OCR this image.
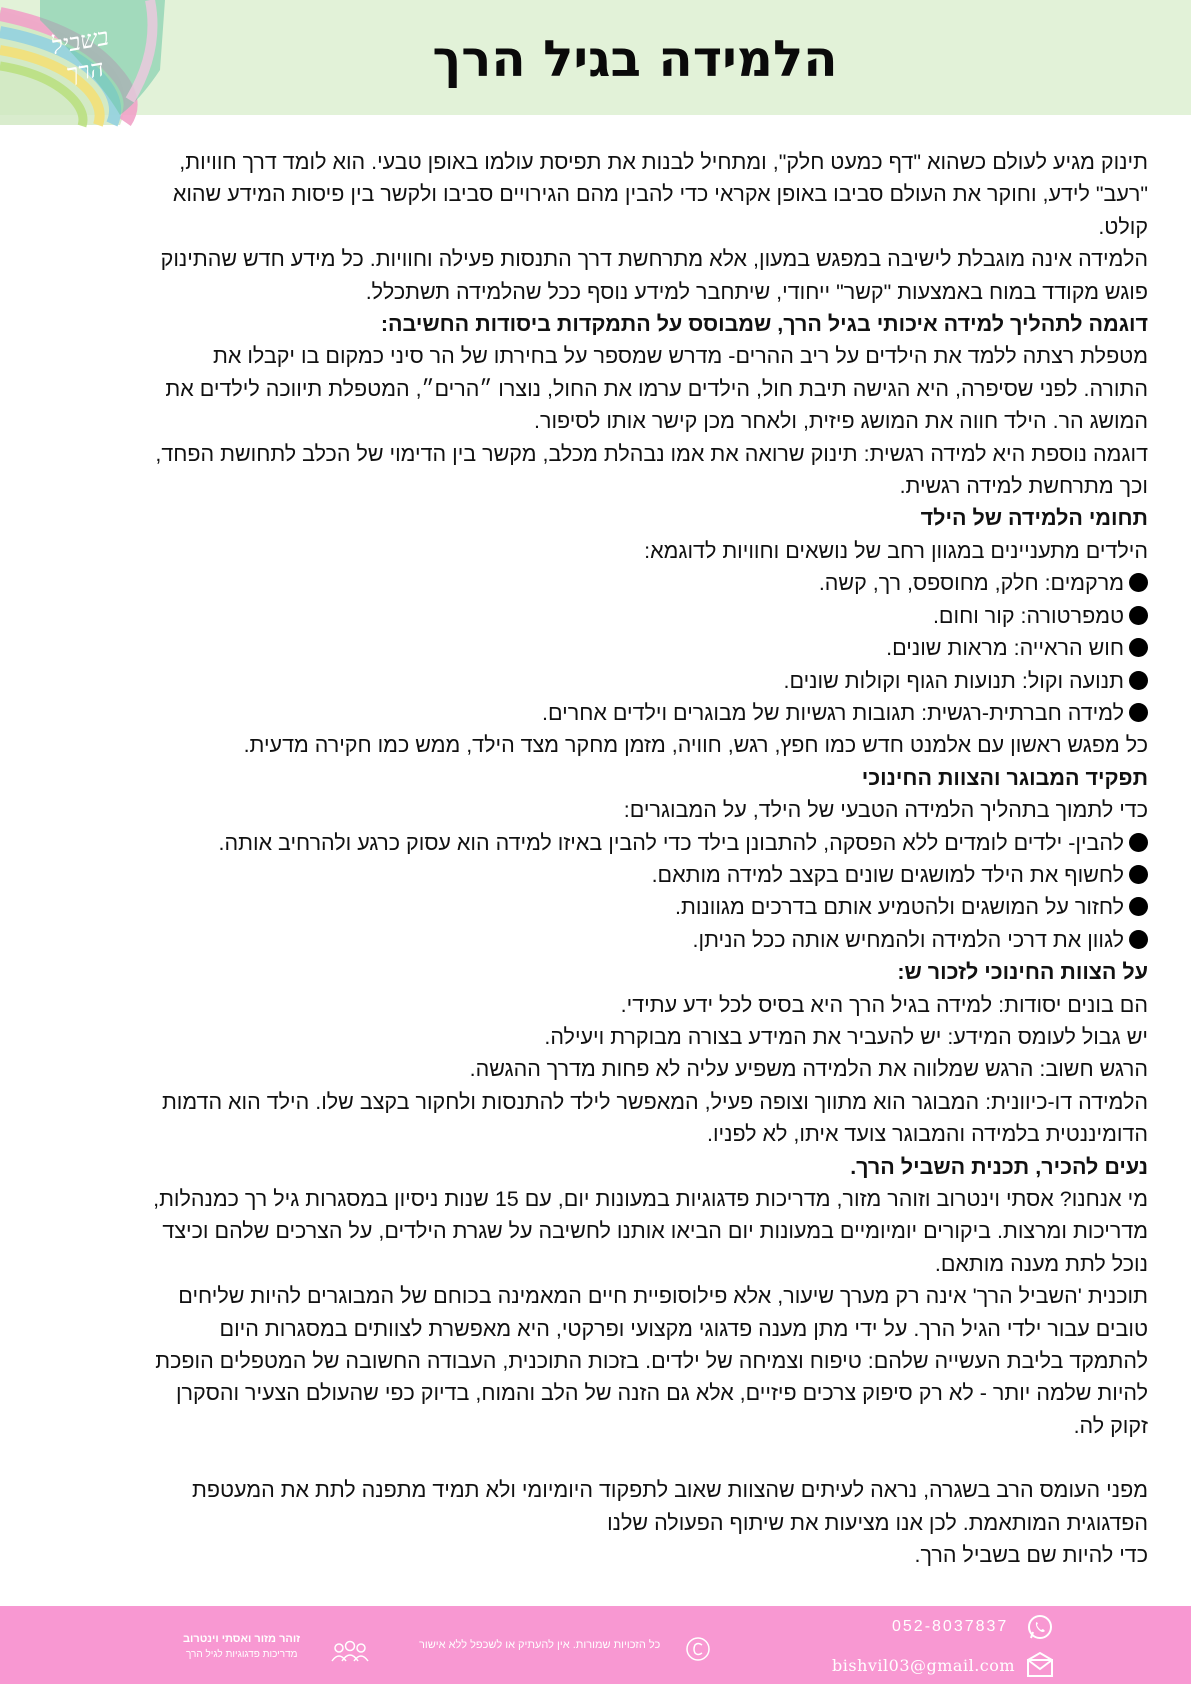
בשביל
הרך	הלמידה בגיל הרך

תינוק מגיע לעולם כשהוא "דף כמעט חלק", ומתחיל לבנות את תפיסת עולמו באופן טבעי. הוא לומד דרך חוויות,

"רעב" לידע, וחוקר את העולם סביבו באופן אקראי כדי להבין מהם הגירויים סביבו ולקשר בין פיסות המידע שהוא

קולט.

הלמידה אינה מוגבלת לישיבה במפגש במעון, אלא מתרחשת דרך התנסות פעילה וחוויות. כל מידע חדש שהתינוק

פוגש מקודד במוח באמצעות "קשר" ייחודי, שיתחבר למידע נוסף ככל שהלמידה תשתכלל.

דוגמה לתהליך למידה איכותי בגיל הרך, שמבוסס על התמקדות ביסודות החשיבה:

מטפלת רצתה ללמד את הילדים על ריב ההרים- מדרש שמספר על בחירתו של הר סיני כמקום בו יקבלו את

התורה. לפני שסיפרה, היא הגישה תיבת חול, הילדים ערמו את החול, נוצרו ״הרים״, המטפלת תיווכה לילדים את

המושג הר. הילד חווה את המושג פיזית, ולאחר מכן קישר אותו לסיפור.

דוגמה נוספת היא למידה רגשית: תינוק שרואה את אמו נבהלת מכלב, מקשר בין הדימוי של הכלב לתחושת הפחד,

וכך מתרחשת למידה רגשית.

תחומי הלמידה של הילד

הילדים מתעניינים במגוון רחב של נושאים וחוויות לדוגמא:

מרקמים: חלק, מחוספס, רך, קשה.
טמפרטורה: קור וחום.
חוש הראייה: מראות שונים.
תנועה וקול: תנועות הגוף וקולות שונים.
למידה חברתית-רגשית: תגובות רגשיות של מבוגרים וילדים אחרים.

כל מפגש ראשון עם אלמנט חדש כמו חפץ, רגש, חוויה, מזמן מחקר מצד הילד, ממש כמו חקירה מדעית.

תפקיד המבוגר והצוות החינוכי

כדי לתמוך בתהליך הלמידה הטבעי של הילד, על המבוגרים:

להבין- ילדים לומדים ללא הפסקה, להתבונן בילד כדי להבין באיזו למידה הוא עסוק כרגע ולהרחיב אותה.
לחשוף את הילד למושגים שונים בקצב למידה מותאם.
לחזור על המושגים ולהטמיע אותם בדרכים מגוונות.
לגוון את דרכי הלמידה ולהמחיש אותה ככל הניתן.

על הצוות החינוכי לזכור ש:

הם בונים יסודות: למידה בגיל הרך היא בסיס לכל ידע עתידי.

יש גבול לעומס המידע: יש להעביר את המידע בצורה מבוקרת ויעילה.

הרגש חשוב: הרגש שמלווה את הלמידה משפיע עליה לא פחות מדרך ההגשה.

הלמידה דו-כיוונית: המבוגר הוא מתווך וצופה פעיל, המאפשר לילד להתנסות ולחקור בקצב שלו. הילד הוא הדמות

הדומיננטית בלמידה והמבוגר צועד איתו, לא לפניו.

נעים להכיר, תכנית השביל הרך.

מי אנחנו? אסתי וינטרוב וזוהר מזור, מדריכות פדגוגיות במעונות יום, עם 15 שנות ניסיון במסגרות גיל רך כמנהלות,

מדריכות ומרצות. ביקורים יומיומיים במעונות יום הביאו אותנו לחשיבה על שגרת הילדים, על הצרכים שלהם וכיצד

נוכל לתת מענה מותאם.

תוכנית 'השביל הרך' אינה רק מערך שיעור, אלא פילוסופיית חיים המאמינה בכוחם של המבוגרים להיות שליחים

טובים עבור ילדי הגיל הרך. על ידי מתן מענה פדגוגי מקצועי ופרקטי, היא מאפשרת לצוותים במסגרות היום

להתמקד בליבת העשייה שלהם: טיפוח וצמיחה של ילדים. בזכות התוכנית, העבודה החשובה של המטפלים הופכת

להיות שלמה יותר - לא רק סיפוק צרכים פיזיים, אלא גם הזנה של הלב והמוח, בדיוק כפי שהעולם הצעיר והסקרן

זקוק לה.

מפני העומס הרב בשגרה, נראה לעיתים שהצוות שאוב לתפקוד היומיומי ולא תמיד מתפנה לתת את המעטפת

הפדגוגית המותאמת. לכן אנו מציעות את שיתוף הפעולה שלנו

כדי להיות שם בשביל הרך.

052-8037837
bishvil03@gmail.com
כל הזכויות שמורות. אין להעתיק או לשכפל ללא אישור
זוהר מזור ואסתי וינטרוב
מדריכות פדגוגיות לגיל הרך
